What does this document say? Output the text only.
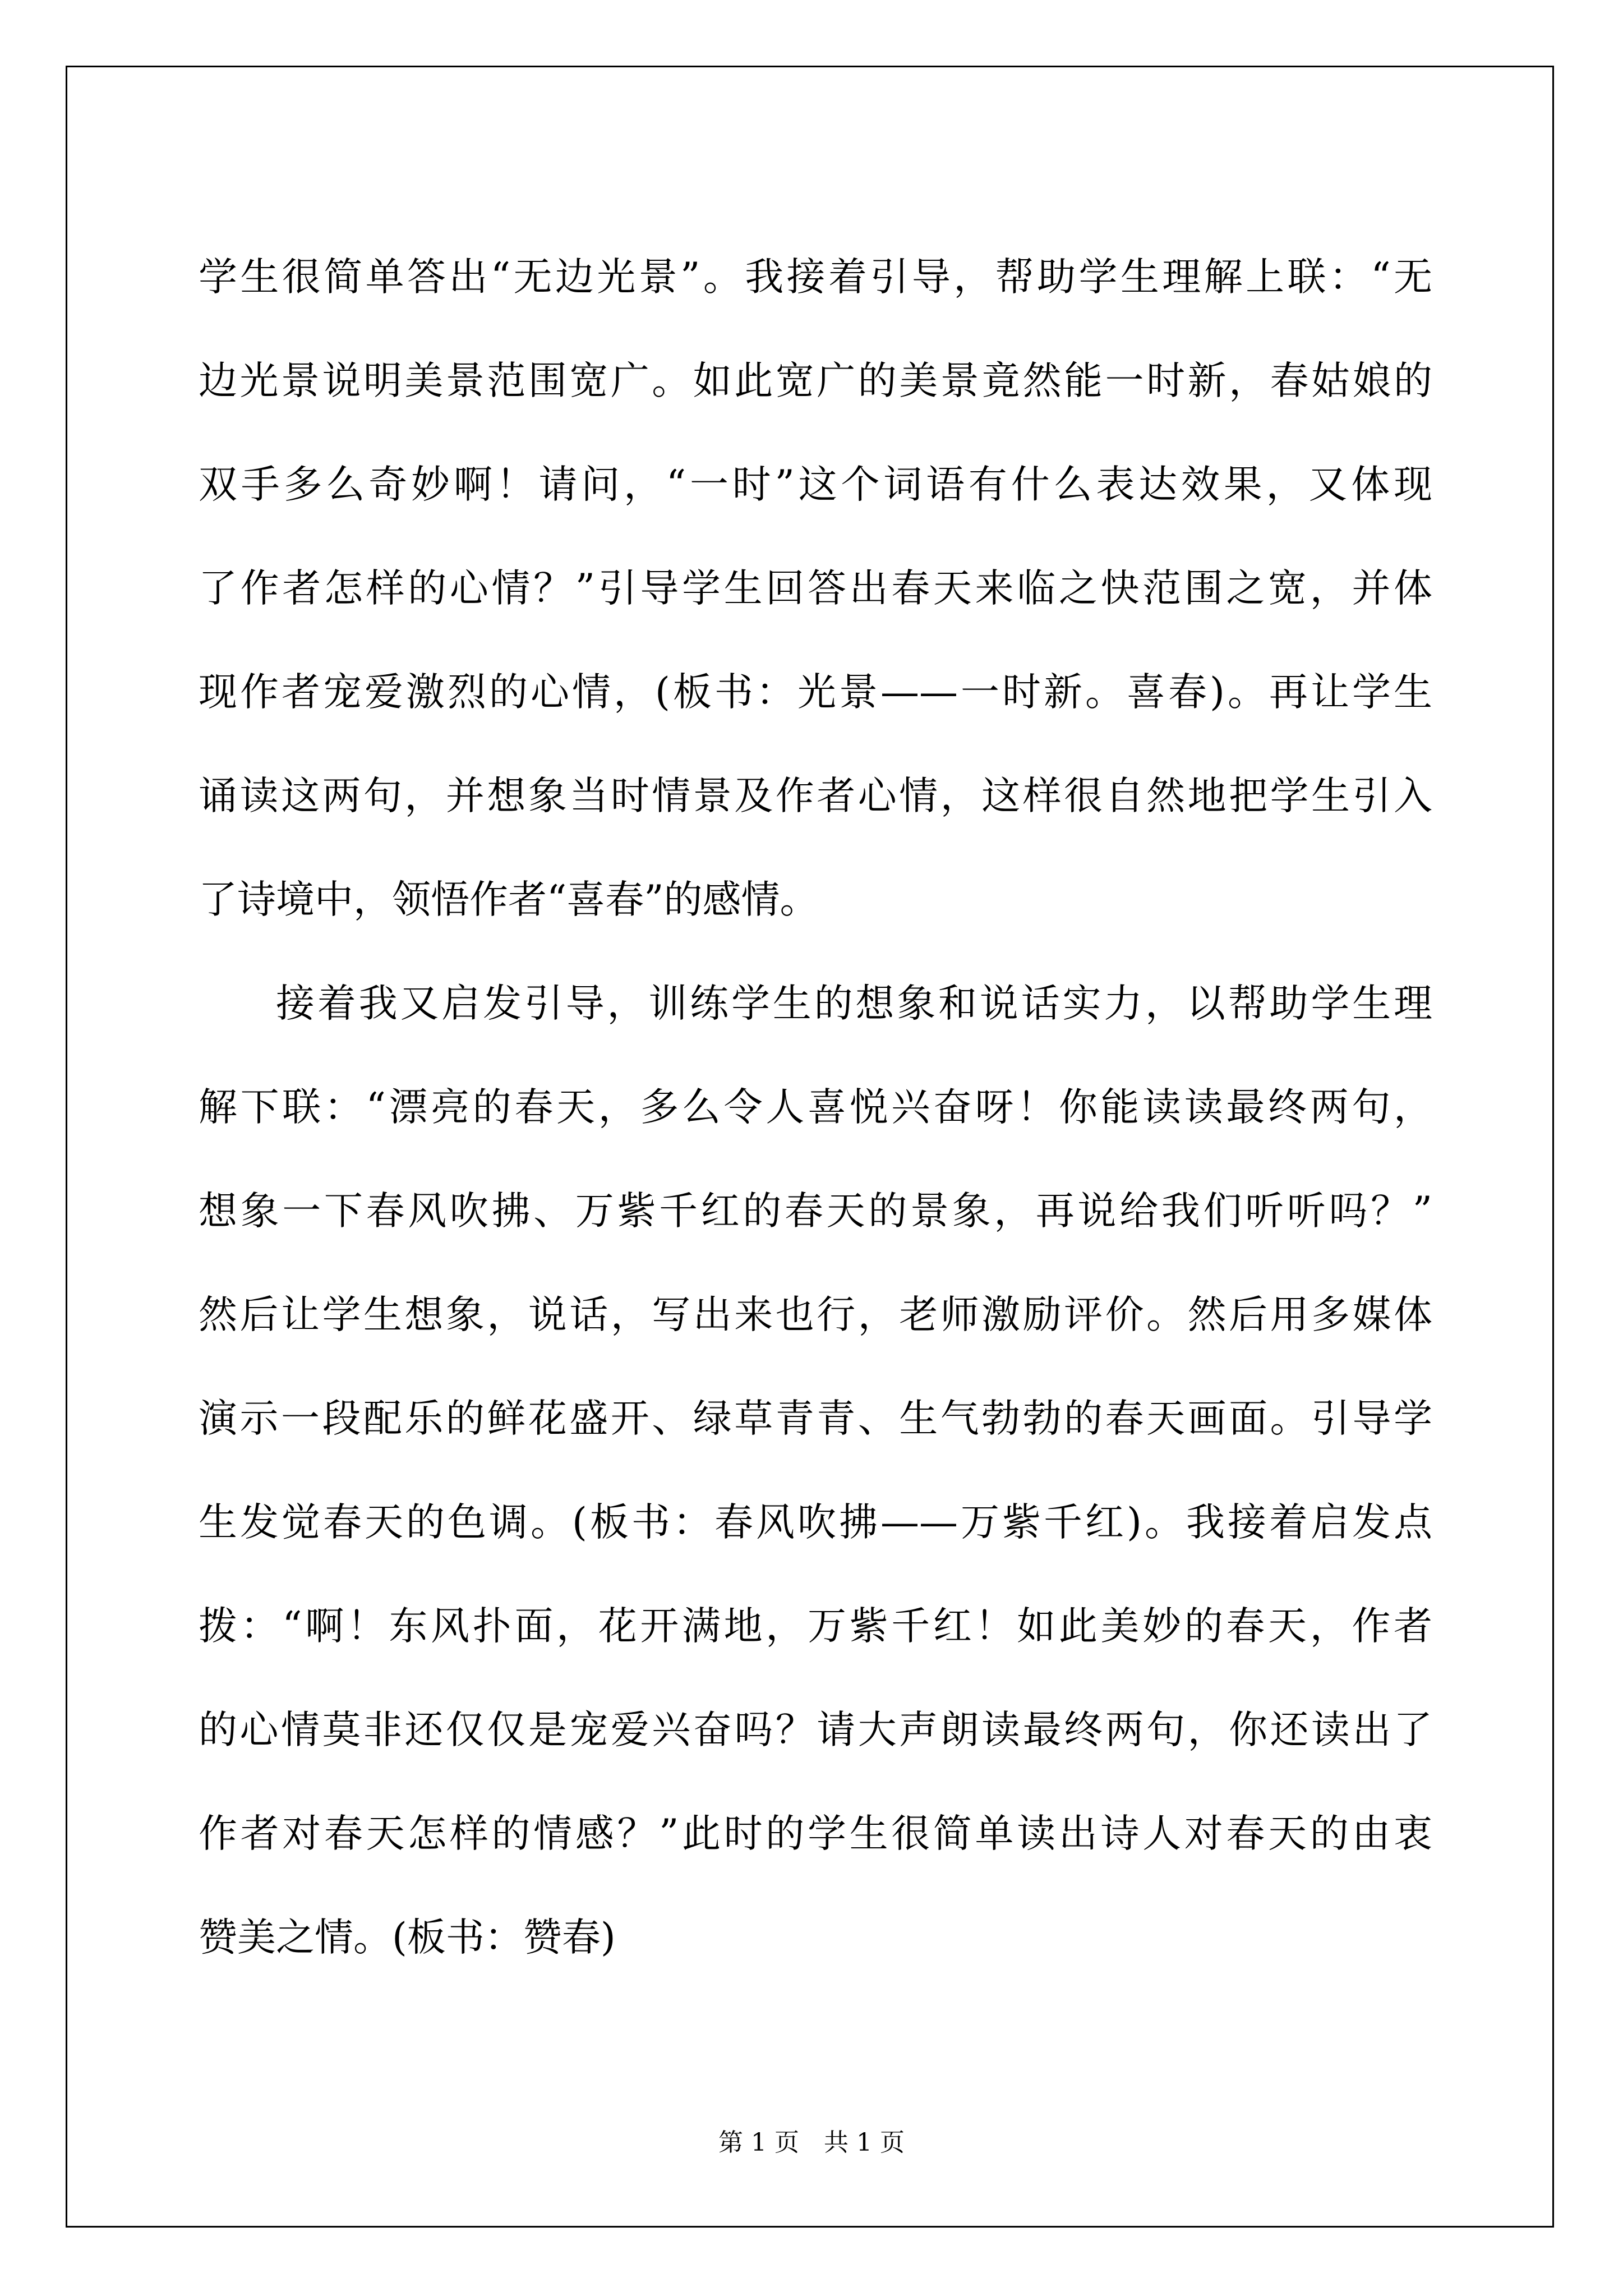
学生很简单答出“无边光景”。我接着引导，帮助学生理解上联：“无
边光景说明美景范围宽广。如此宽广的美景竟然能一时新，春姑娘的
双手多么奇妙啊！请问，“一时”这个词语有什么表达效果，又体现
了作者怎样的心情？”引导学生回答出春天来临之快范围之宽，并体
现作者宠爱激烈的心情，(板书：光景——一时新。喜春)。再让学生
诵读这两句，并想象当时情景及作者心情，这样很自然地把学生引入
了诗境中，领悟作者“喜春”的感情。
接着我又启发引导，训练学生的想象和说话实力，以帮助学生理
解下联：“漂亮的春天，多么令人喜悦兴奋呀！你能读读最终两句，
想象一下春风吹拂、万紫千红的春天的景象，再说给我们听听吗？”
然后让学生想象，说话，写出来也行，老师激励评价。然后用多媒体
演示一段配乐的鲜花盛开、绿草青青、生气勃勃的春天画面。引导学
生发觉春天的色调。(板书：春风吹拂——万紫千红)。我接着启发点
拨：“啊！东风扑面，花开满地，万紫千红！如此美妙的春天，作者
的心情莫非还仅仅是宠爱兴奋吗？请大声朗读最终两句，你还读出了
作者对春天怎样的情感？”此时的学生很简单读出诗人对春天的由衷
赞美之情。(板书：赞春)
第 1 页　共 1 页
